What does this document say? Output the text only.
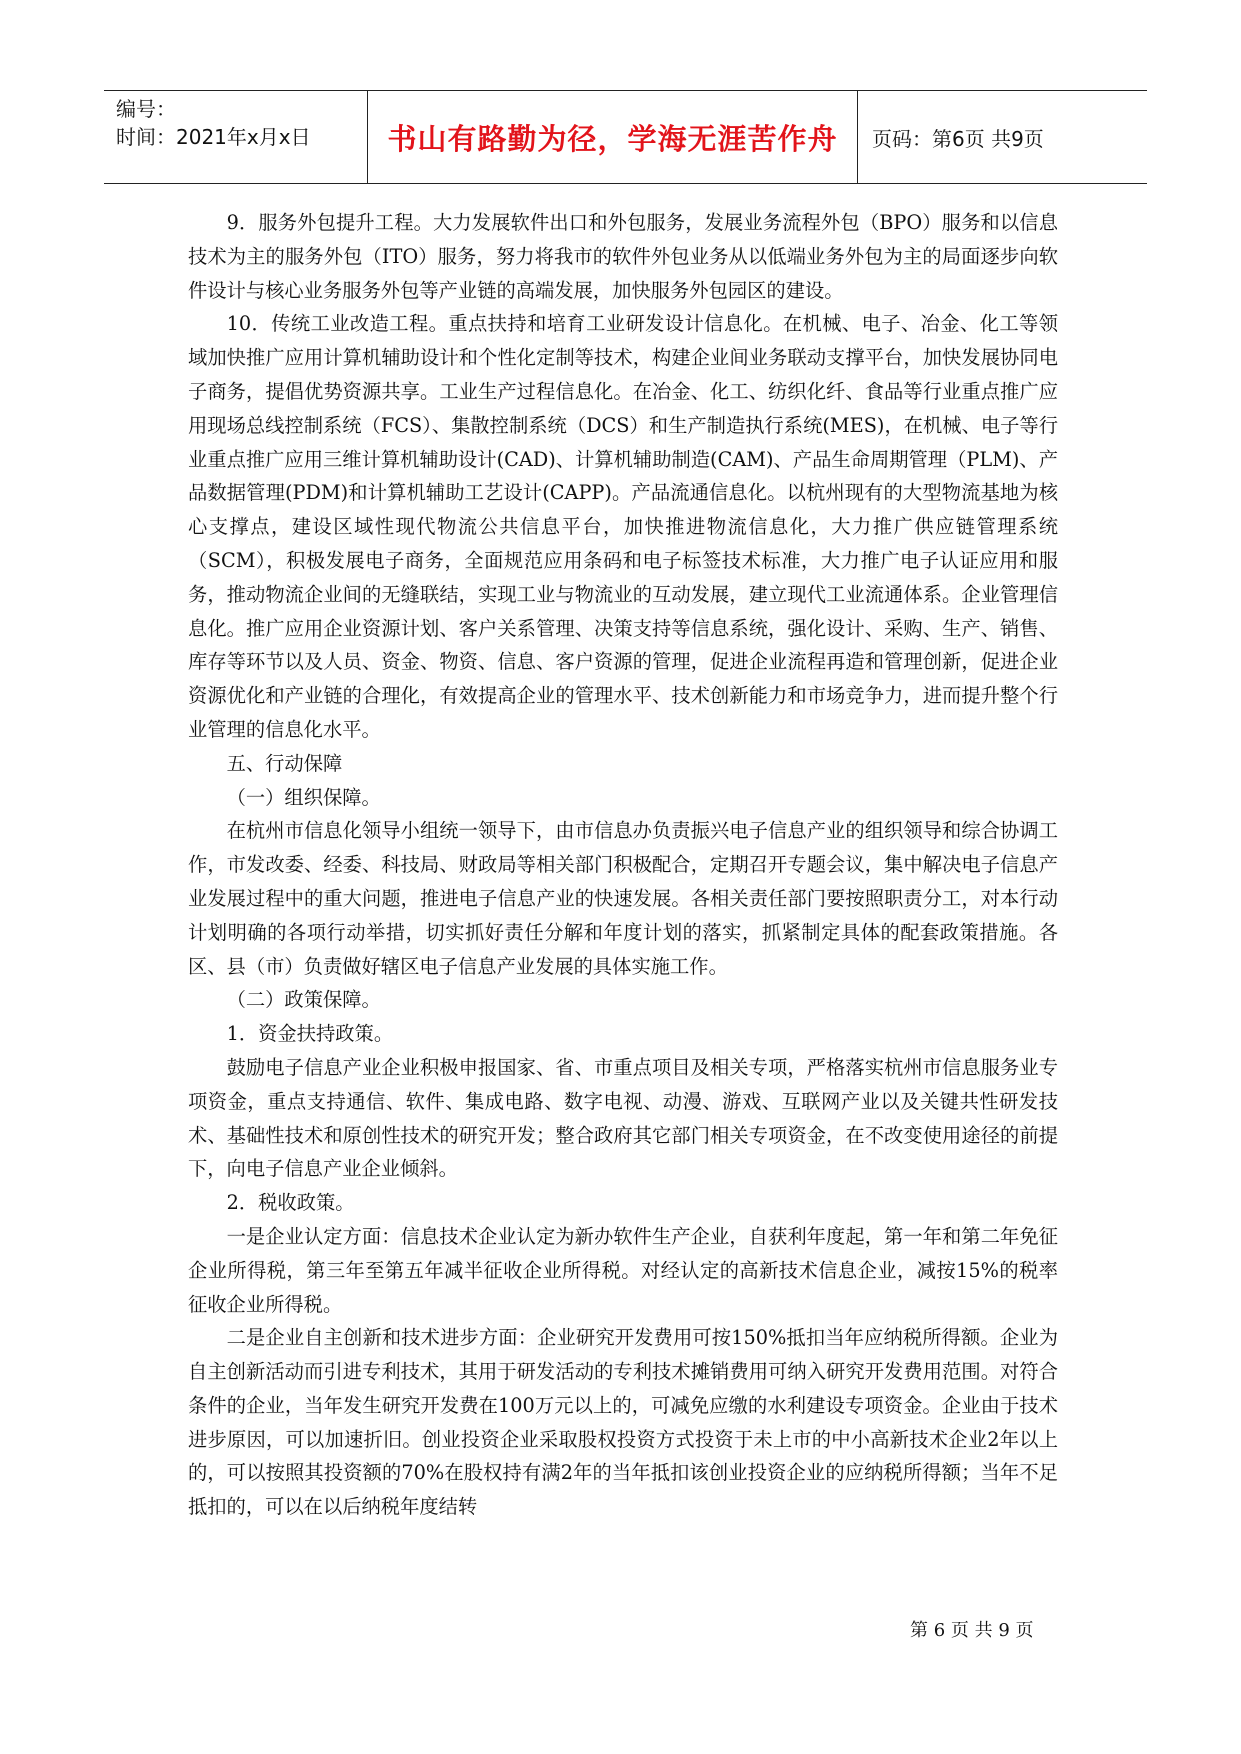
编号：
时间：2021年x月x日	书山有路勤为径，学海无涯苦作舟 页码：第6页 共9页

9．服务外包提升工程。大力发展软件出口和外包服务，发展业务流程外包（BPO）服务和以信息技术为主的服务外包（ITO）服务，努力将我市的软件外包业务从以低端业务外包为主的局面逐步向软件设计与核心业务服务外包等产业链的高端发展，加快服务外包园区的建设。

10．传统工业改造工程。重点扶持和培育工业研发设计信息化。在机械、电子、冶金、化工等领域加快推广应用计算机辅助设计和个性化定制等技术，构建企业间业务联动支撑平台，加快发展协同电子商务，提倡优势资源共享。工业生产过程信息化。在冶金、化工、纺织化纤、食品等行业重点推广应用现场总线控制系统（FCS）、集散控制系统（DCS）和生产制造执行系统(MES)，在机械、电子等行业重点推广应用三维计算机辅助设计(CAD)、计算机辅助制造(CAM)、产品生命周期管理（PLM)、产品数据管理(PDM)和计算机辅助工艺设计(CAPP)。产品流通信息化。以杭州现有的大型物流基地为核心支撑点，建设区域性现代物流公共信息平台，加快推进物流信息化，大力推广供应链管理系统（SCM），积极发展电子商务，全面规范应用条码和电子标签技术标准，大力推广电子认证应用和服务，推动物流企业间的无缝联结，实现工业与物流业的互动发展，建立现代工业流通体系。企业管理信息化。推广应用企业资源计划、客户关系管理、决策支持等信息系统，强化设计、采购、生产、销售、库存等环节以及人员、资金、物资、信息、客户资源的管理，促进企业流程再造和管理创新，促进企业资源优化和产业链的合理化，有效提高企业的管理水平、技术创新能力和市场竞争力，进而提升整个行业管理的信息化水平。

五、行动保障

（一）组织保障。

在杭州市信息化领导小组统一领导下，由市信息办负责振兴电子信息产业的组织领导和综合协调工作，市发改委、经委、科技局、财政局等相关部门积极配合，定期召开专题会议，集中解决电子信息产业发展过程中的重大问题，推进电子信息产业的快速发展。各相关责任部门要按照职责分工，对本行动计划明确的各项行动举措，切实抓好责任分解和年度计划的落实，抓紧制定具体的配套政策措施。各区、县（市）负责做好辖区电子信息产业发展的具体实施工作。

（二）政策保障。

1．资金扶持政策。

鼓励电子信息产业企业积极申报国家、省、市重点项目及相关专项，严格落实杭州市信息服务业专项资金，重点支持通信、软件、集成电路、数字电视、动漫、游戏、互联网产业以及关键共性研发技术、基础性技术和原创性技术的研究开发；整合政府其它部门相关专项资金，在不改变使用途径的前提下，向电子信息产业企业倾斜。

2．税收政策。

一是企业认定方面：信息技术企业认定为新办软件生产企业，自获利年度起，第一年和第二年免征企业所得税，第三年至第五年减半征收企业所得税。对经认定的高新技术信息企业，减按15%的税率征收企业所得税。

二是企业自主创新和技术进步方面：企业研究开发费用可按150%抵扣当年应纳税所得额。企业为自主创新活动而引进专利技术，其用于研发活动的专利技术摊销费用可纳入研究开发费用范围。对符合条件的企业，当年发生研究开发费在100万元以上的，可减免应缴的水利建设专项资金。企业由于技术进步原因，可以加速折旧。创业投资企业采取股权投资方式投资于未上市的中小高新技术企业2年以上的，可以按照其投资额的70%在股权持有满2年的当年抵扣该创业投资企业的应纳税所得额；当年不足抵扣的，可以在以后纳税年度结转

第 6 页 共 9 页
